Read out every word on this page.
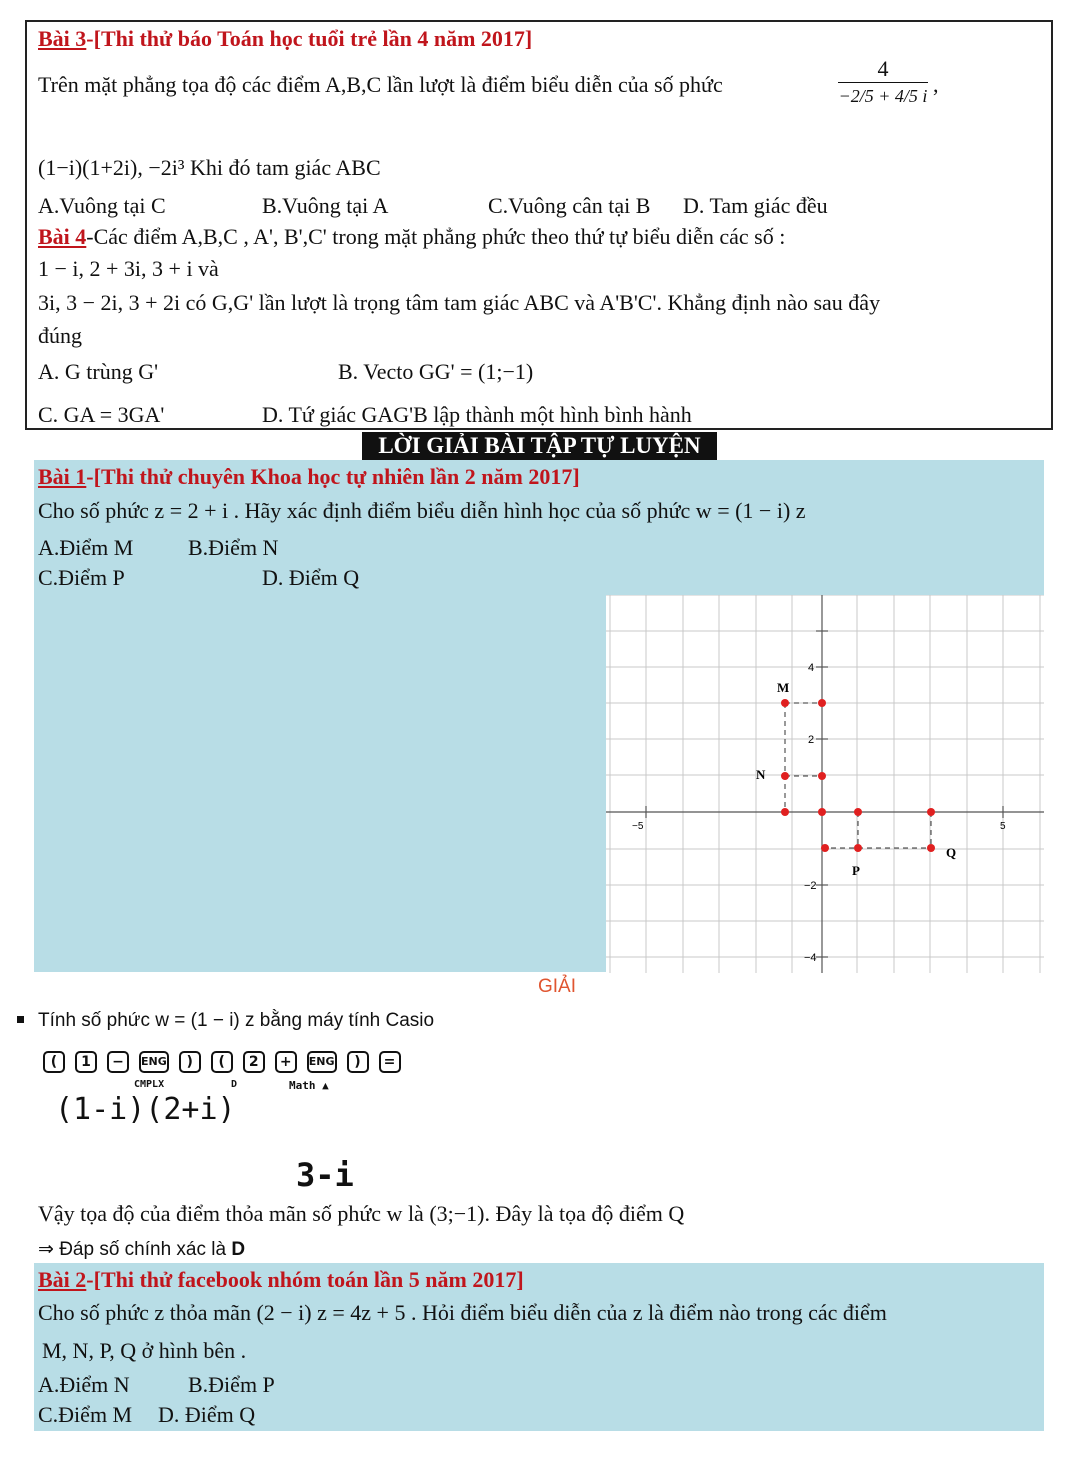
Bài 3-[Thi thử báo Toán học tuổi trẻ lần 4 năm 2017]
Trên mặt phẳng tọa độ các điểm A,B,C lần lượt là điểm biểu diễn của số phức
4
−2/5 + 4/5 i ,
(1−i)(1+2i), −2i³ Khi đó tam giác ABC
A.Vuông tại C	B.Vuông tại A	C.Vuông cân tại B D. Tam giác đều
Bài 4-Các điểm A,B,C , A', B',C' trong mặt phẳng phức theo thứ tự biểu diễn các số :
1 − i, 2 + 3i, 3 + i và
3i, 3 − 2i, 3 + 2i có G,G' lần lượt là trọng tâm tam giác ABC và A'B'C'. Khẳng định nào sau đây
đúng
A. G trùng G'	B. Vecto GG' = (1;−1)
C. GA = 3GA'	D. Tứ giác GAG'B lập thành một hình bình hành
LỜI GIẢI BÀI TẬP TỰ LUYỆN
Bài 1-[Thi thử chuyên Khoa học tự nhiên lần 2 năm 2017]
Cho số phức z = 2 + i . Hãy xác định điểm biểu diễn hình học của số phức w = (1 − i) z
A.Điểm M B.Điểm N
C.Điểm P	D. Điểm Q
4
2
−2
−4
−5	5
M
N
P
Q
GIẢI
Tính số phức w = (1 − i) z bằng máy tính Casio
( 1 − ENG ) ( 2 + ENG ) =
CMPLX	D	Math ▲
(1-i)(2+i)
3-i
Vậy tọa độ của điểm thỏa mãn số phức w là (3;−1). Đây là tọa độ điểm Q
⇒ Đáp số chính xác là D
Bài 2-[Thi thử facebook nhóm toán lần 5 năm 2017]
Cho số phức z thỏa mãn (2 − i) z = 4z + 5 . Hỏi điểm biểu diễn của z là điểm nào trong các điểm
M, N, P, Q ở hình bên .
A.Điểm N	B.Điểm P
C.Điểm M D. Điểm Q
